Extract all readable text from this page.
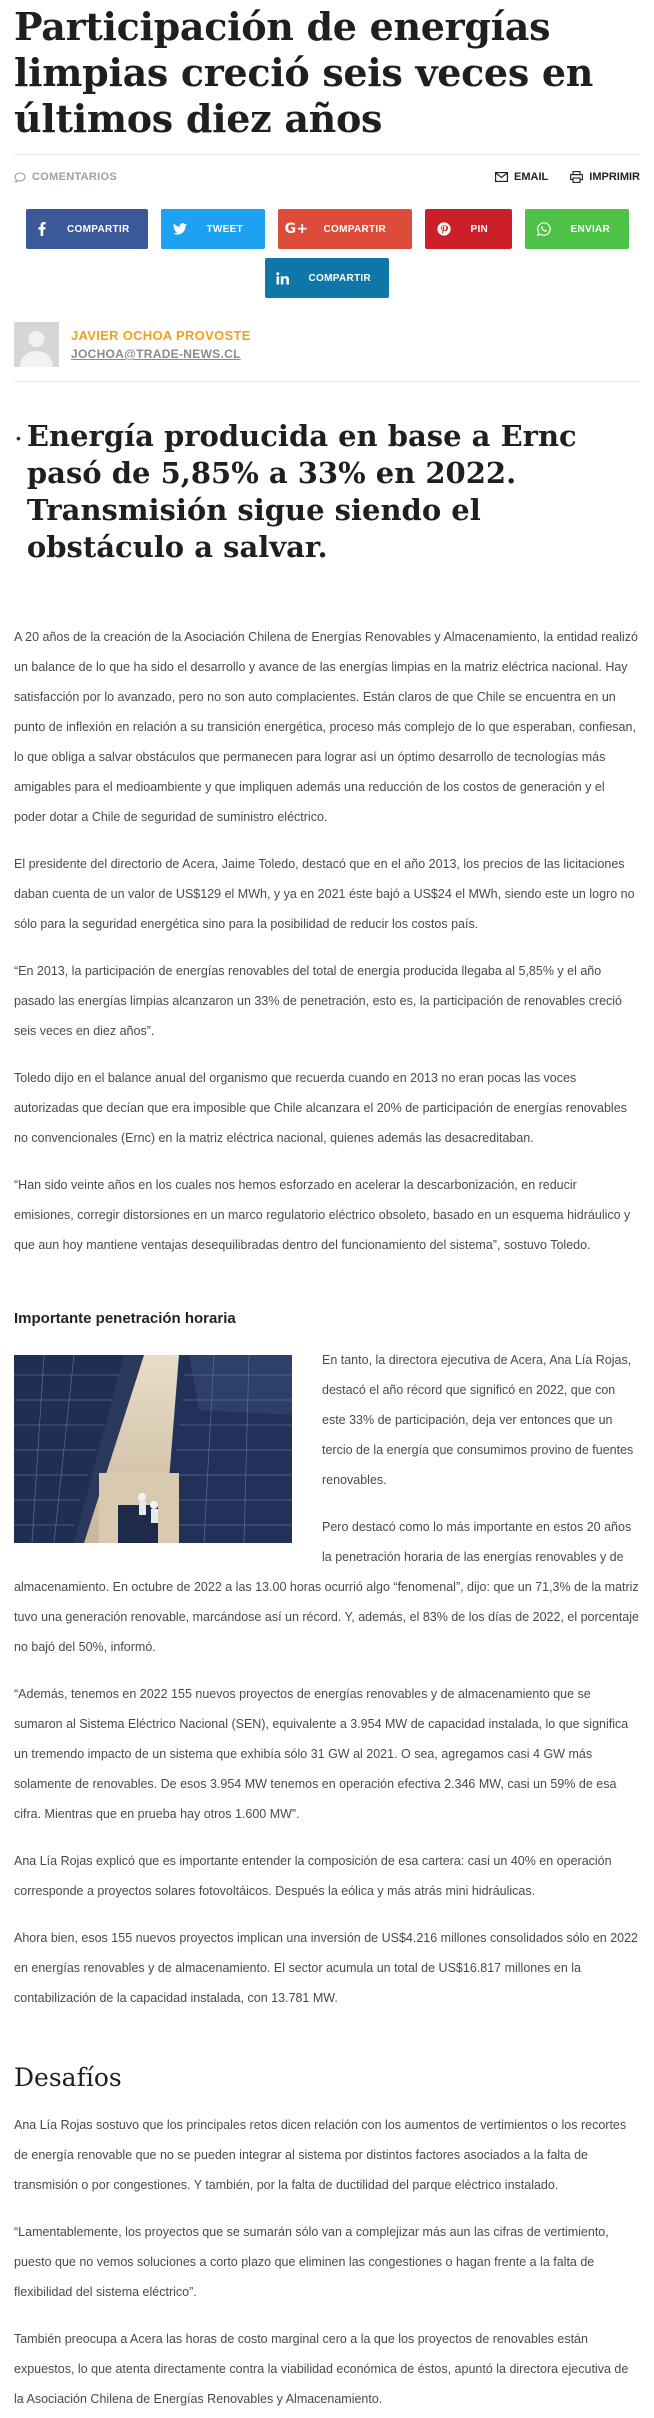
Participación de energías limpias creció seis veces en últimos diez años
COMENTARIOS	EMAIL	IMPRIMIR
COMPARTIR	TWEET	G+	COMPARTIR	PIN	ENVIAR
COMPARTIR
JAVIER OCHOA PROVOSTE
JOCHOA@TRADE-NEWS.CL
• Energía producida en base a Ernc pasó de 5,85% a 33% en 2022. Transmisión sigue siendo el obstáculo a salvar.

A 20 años de la creación de la Asociación Chilena de Energías Renovables y Almacenamiento, la entidad realizó un balance de lo que ha sido el desarrollo y avance de las energías limpias en la matriz eléctrica nacional. Hay satisfacción por lo avanzado, pero no son auto complacientes. Están claros de que Chile se encuentra en un punto de inflexión en relación a su transición energética, proceso más complejo de lo que esperaban, confiesan, lo que obliga a salvar obstáculos que permanecen para lograr así un óptimo desarrollo de tecnologías más amigables para el medioambiente y que impliquen además una reducción de los costos de generación y el poder dotar a Chile de seguridad de suministro eléctrico.

El presidente del directorio de Acera, Jaime Toledo, destacó que en el año 2013, los precios de las licitaciones daban cuenta de un valor de US$129 el MWh, y ya en 2021 éste bajó a US$24 el MWh, siendo este un logro no sólo para la seguridad energética sino para la posibilidad de reducir los costos país.

“En 2013, la participación de energías renovables del total de energía producida llegaba al 5,85% y el año pasado las energías limpias alcanzaron un 33% de penetración, esto es, la participación de renovables creció seis veces en diez años”.

Toledo dijo en el balance anual del organismo que recuerda cuando en 2013 no eran pocas las voces autorizadas que decían que era imposible que Chile alcanzara el 20% de participación de energías renovables no convencionales (Ernc) en la matriz eléctrica nacional, quienes además las desacreditaban.

“Han sido veinte años en los cuales nos hemos esforzado en acelerar la descarbonización, en reducir emisiones, corregir distorsiones en un marco regulatorio eléctrico obsoleto, basado en un esquema hidráulico y que aun hoy mantiene ventajas desequilibradas dentro del funcionamiento del sistema”, sostuvo Toledo.

Importante penetración horaria

En tanto, la directora ejecutiva de Acera, Ana Lía Rojas, destacó el año récord que significó en 2022, que con este 33% de participación, deja ver entonces que un tercio de la energía que consumimos provino de fuentes renovables.

Pero destacó como lo más importante en estos 20 años la penetración horaria de las energías renovables y de almacenamiento. En octubre de 2022 a las 13.00 horas ocurrió algo “fenomenal”, dijo: que un 71,3% de la matriz tuvo una generación renovable, marcándose así un récord. Y, además, el 83% de los días de 2022, el porcentaje no bajó del 50%, informó.

“Además, tenemos en 2022 155 nuevos proyectos de energías renovables y de almacenamiento que se sumaron al Sistema Eléctrico Nacional (SEN), equivalente a 3.954 MW de capacidad instalada, lo que significa un tremendo impacto de un sistema que exhibía sólo 31 GW al 2021. O sea, agregamos casi 4 GW más solamente de renovables. De esos 3.954 MW tenemos en operación efectiva 2.346 MW, casi un 59% de esa cifra. Mientras que en prueba hay otros 1.600 MW”.

Ana Lía Rojas explicó que es importante entender la composición de esa cartera: casi un 40% en operación corresponde a proyectos solares fotovoltáicos. Después la eólica y más atrás mini hidráulicas.

Ahora bien, esos 155 nuevos proyectos implican una inversión de US$4.216 millones consolidados sólo en 2022 en energías renovables y de almacenamiento. El sector acumula un total de US$16.817 millones en la contabilización de la capacidad instalada, con 13.781 MW.

Desafíos

Ana Lía Rojas sostuvo que los principales retos dicen relación con los aumentos de vertimientos o los recortes de energía renovable que no se pueden integrar al sistema por distintos factores asociados a la falta de transmisión o por congestiones. Y también, por la falta de ductilidad del parque eléctrico instalado.

“Lamentablemente, los proyectos que se sumarán sólo van a complejizar más aun las cifras de vertimiento, puesto que no vemos soluciones a corto plazo que eliminen las congestiones o hagan frente a la falta de flexibilidad del sistema eléctrico”.

También preocupa a Acera las horas de costo marginal cero a la que los proyectos de renovables están expuestos, lo que atenta directamente contra la viabilidad económica de éstos, apuntó la directora ejecutiva de la Asociación Chilena de Energías Renovables y Almacenamiento.
